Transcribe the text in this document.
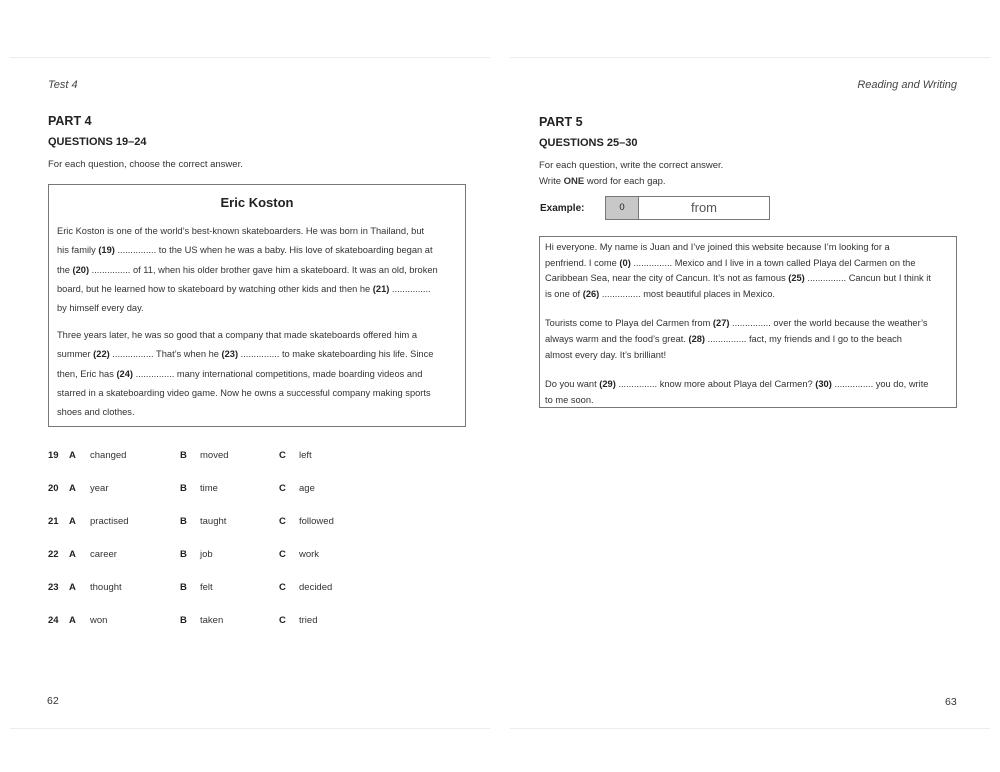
Test 4
PART 4
QUESTIONS 19–24
For each question, choose the correct answer.
Eric Koston
Eric Koston is one of the world’s best-known skateboarders. He was born in Thailand, but
his family (19) ............... to the US when he was a baby. His love of skateboarding began at
the (20) ............... of 11, when his older brother gave him a skateboard. It was an old, broken
board, but he learned how to skateboard by watching other kids and then he (21) ...............
by himself every day.
Three years later, he was so good that a company that made skateboards offered him a
summer (22) ................ That’s when he (23) ............... to make skateboarding his life. Since
then, Eric has (24) ............... many international competitions, made boarding videos and
starred in a skateboarding video game. Now he owns a successful company making sports
shoes and clothes.
19 A changed	B moved	C left
20 A year	B time	C age
21 A practised	B taught	C followed
22 A career	B job	C work
23 A thought	B felt	C decided
24 A won	B taken	C tried
62
Reading and Writing
PART 5
QUESTIONS 25–30
For each question, write the correct answer.
Write ONE word for each gap.
Example:	0	from
Hi everyone. My name is Juan and I’ve joined this website because I’m looking for a
penfriend. I come (0) ............... Mexico and I live in a town called Playa del Carmen on the
Caribbean Sea, near the city of Cancun. It’s not as famous (25) ............... Cancun but I think it
is one of (26) ............... most beautiful places in Mexico.
Tourists come to Playa del Carmen from (27) ............... over the world because the weather’s
always warm and the food’s great. (28) ............... fact, my friends and I go to the beach
almost every day. It’s brilliant!
Do you want (29) ............... know more about Playa del Carmen? (30) ............... you do, write
to me soon.
63
